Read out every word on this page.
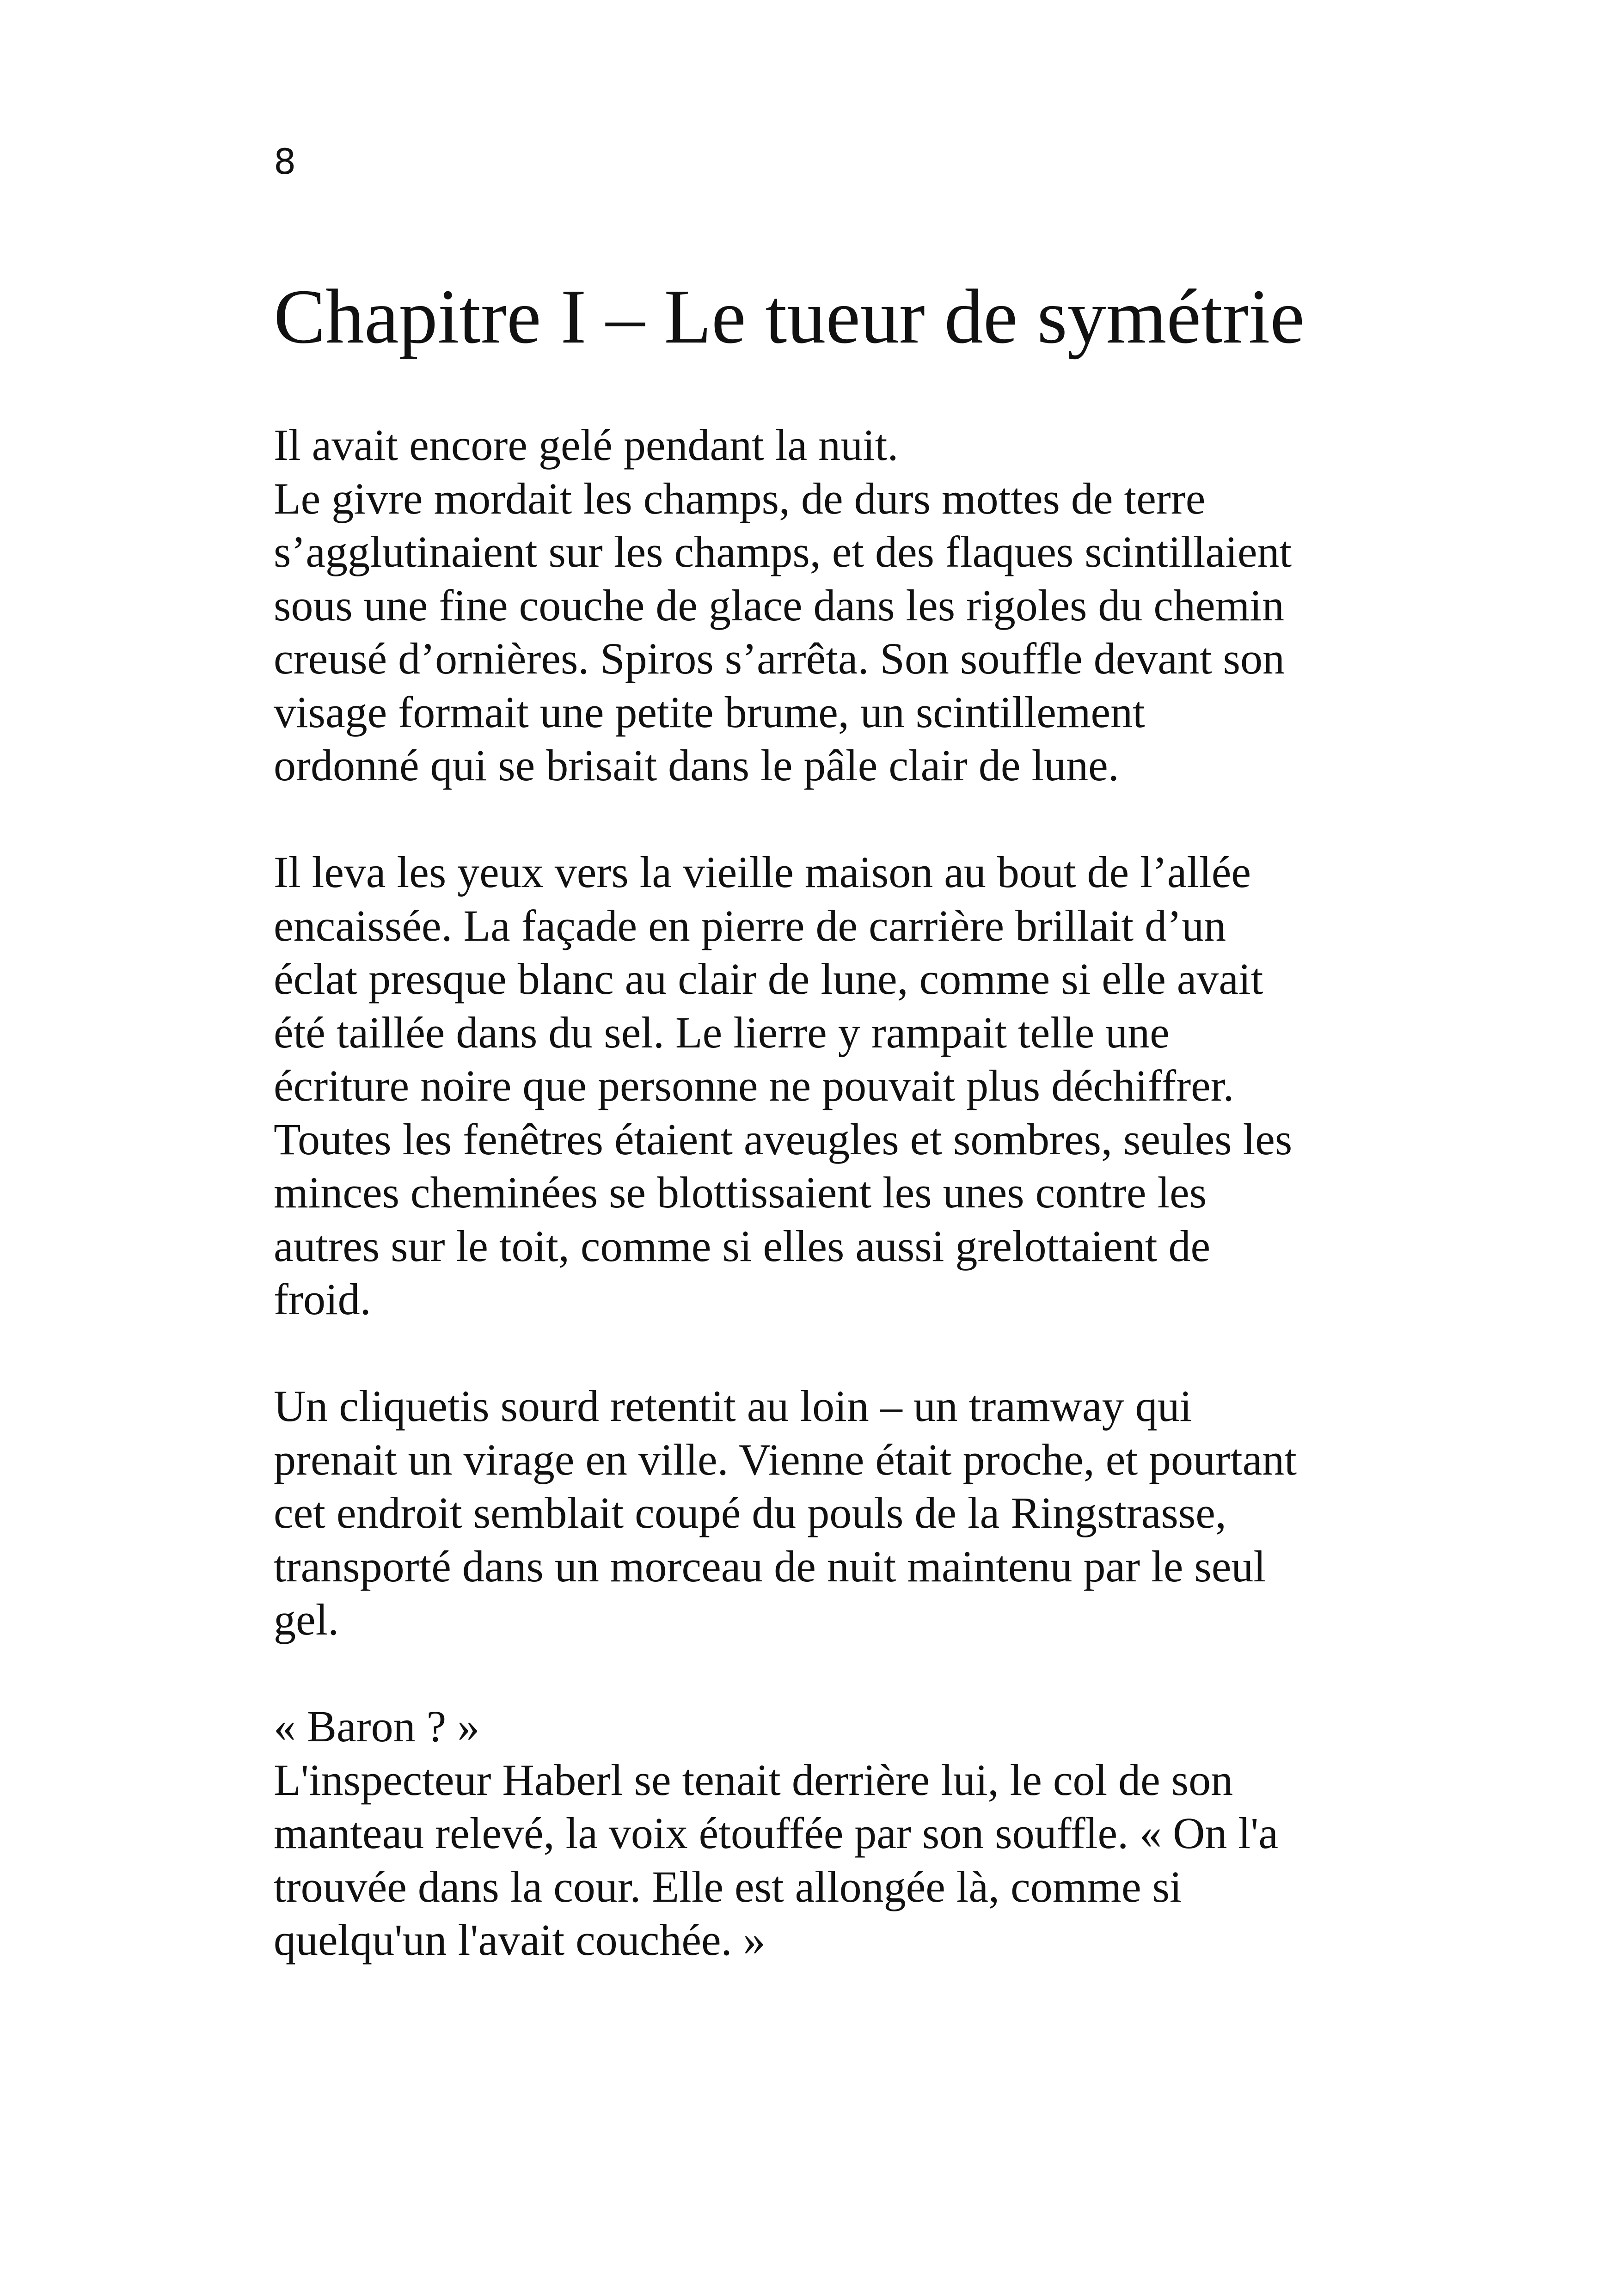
8
Chapitre I – Le tueur de symétrie

Il avait encore gelé pendant la nuit.
Le givre mordait les champs, de durs mottes de terre
s’agglutinaient sur les champs, et des flaques scintillaient
sous une fine couche de glace dans les rigoles du chemin
creusé d’ornières. Spiros s’arrêta. Son souffle devant son
visage formait une petite brume, un scintillement
ordonné qui se brisait dans le pâle clair de lune.

Il leva les yeux vers la vieille maison au bout de l’allée
encaissée. La façade en pierre de carrière brillait d’un
éclat presque blanc au clair de lune, comme si elle avait
été taillée dans du sel. Le lierre y rampait telle une
écriture noire que personne ne pouvait plus déchiffrer.
Toutes les fenêtres étaient aveugles et sombres, seules les
minces cheminées se blottissaient les unes contre les
autres sur le toit, comme si elles aussi grelottaient de
froid.

Un cliquetis sourd retentit au loin – un tramway qui
prenait un virage en ville. Vienne était proche, et pourtant
cet endroit semblait coupé du pouls de la Ringstrasse,
transporté dans un morceau de nuit maintenu par le seul
gel.

« Baron ? »
L'inspecteur Haberl se tenait derrière lui, le col de son
manteau relevé, la voix étouffée par son souffle. « On l'a
trouvée dans la cour. Elle est allongée là, comme si
quelqu'un l'avait couchée. »
